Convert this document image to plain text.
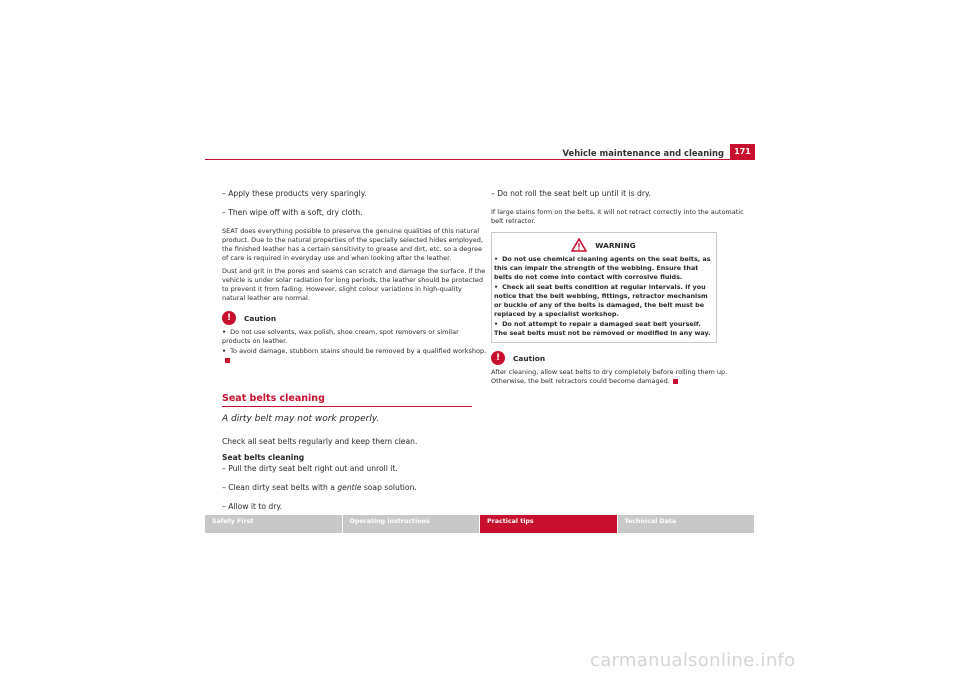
Vehicle maintenance and cleaning	171

– Apply these products very sparingly.

– Then wipe off with a soft, dry cloth.

SEAT does everything possible to preserve the genuine qualities of this natural product. Due to the natural properties of the specially selected hides employed, the finished leather has a certain sensitivity to grease and dirt, etc. so a degree of care is required in everyday use and when looking after the leather.

Dust and grit in the pores and seams can scratch and damage the surface. If the vehicle is under solar radiation for long periods, the leather should be protected to prevent it from fading. However, slight colour variations in high-quality natural leather are normal.

!	Caution

• Do not use solvents, wax polish, shoe cream, spot removers or similar products on leather.

• To avoid damage, stubborn stains should be removed by a qualified workshop.

Seat belts cleaning
A dirty belt may not work properly.

Check all seat belts regularly and keep them clean.

Seat belts cleaning

– Pull the dirty seat belt right out and unroll it.

– Clean dirty seat belts with a gentle soap solution.

– Allow it to dry.

– Do not roll the seat belt up until it is dry.

If large stains form on the belts, it will not retract correctly into the automatic belt retractor.

WARNING

• Do not use chemical cleaning agents on the seat belts, as this can impair the strength of the webbing. Ensure that belts do not come into contact with corrosive fluids.

• Check all seat belts condition at regular intervals. If you notice that the belt webbing, fittings, retractor mechanism or buckle of any of the belts is damaged, the belt must be replaced by a specialist workshop.

• Do not attempt to repair a damaged seat belt yourself. The seat belts must not be removed or modified in any way.

!	Caution

After cleaning, allow seat belts to dry completely before rolling them up. Otherwise, the belt retractors could become damaged.

Safety First	Operating instructions	Practical tips	Technical Data
carmanualsonline.info
